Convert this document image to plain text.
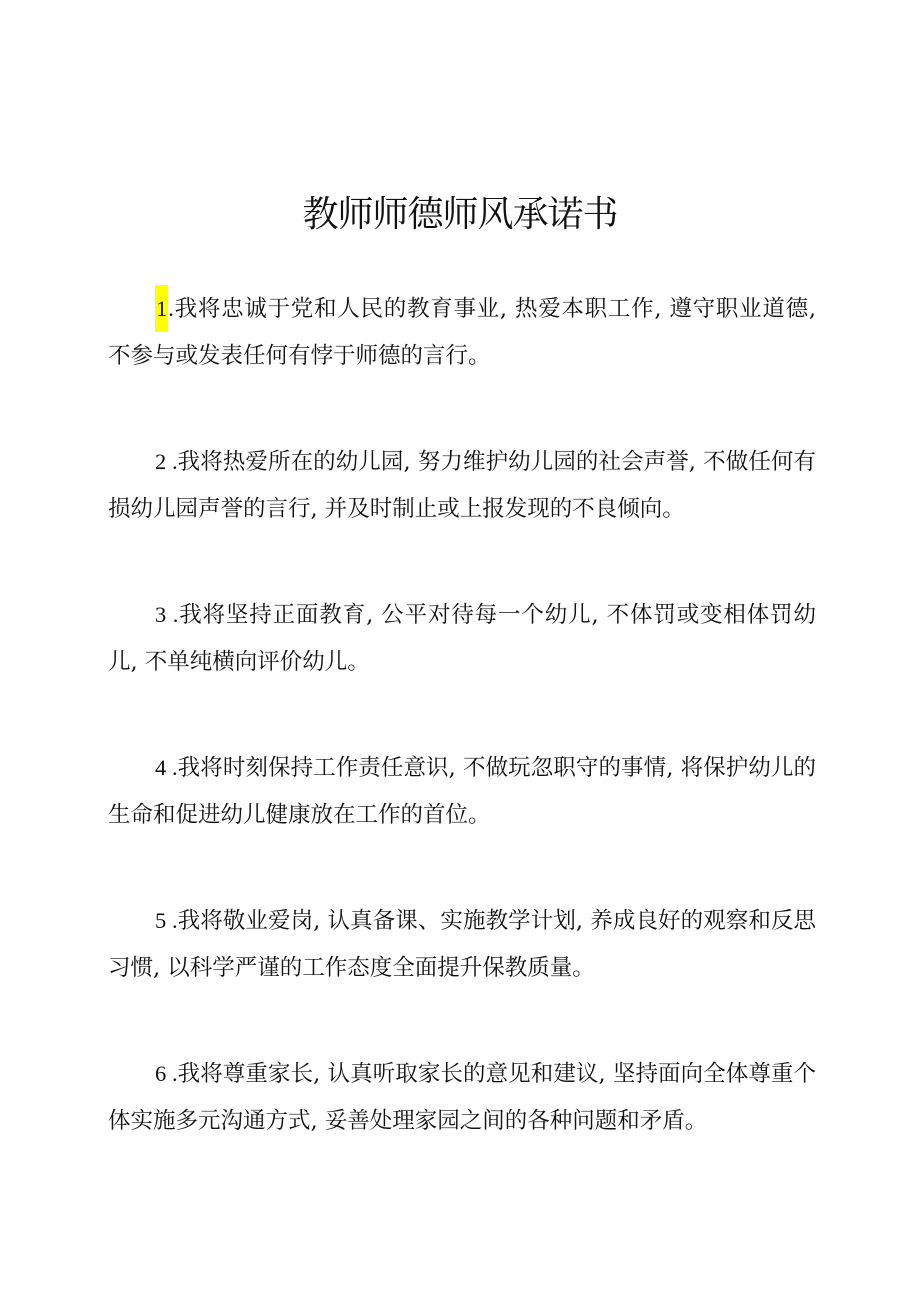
教师师德师风承诺书
1.我将忠诚于党和人民的教育事业, 热爱本职工作, 遵守职业道德, 不参与或发表任何有悖于师德的言行。
2 .我将热爱所在的幼儿园, 努力维护幼儿园的社会声誉, 不做任何有损幼儿园声誉的言行, 并及时制止或上报发现的不良倾向。
3 .我将坚持正面教育, 公平对待每一个幼儿, 不体罚或变相体罚幼儿, 不单纯横向评价幼儿。
4 .我将时刻保持工作责任意识, 不做玩忽职守的事情, 将保护幼儿的生命和促进幼儿健康放在工作的首位。
5 .我将敬业爱岗, 认真备课、实施教学计划, 养成良好的观察和反思习惯, 以科学严谨的工作态度全面提升保教质量。
6 .我将尊重家长, 认真听取家长的意见和建议, 坚持面向全体尊重个体实施多元沟通方式, 妥善处理家园之间的各种问题和矛盾。
